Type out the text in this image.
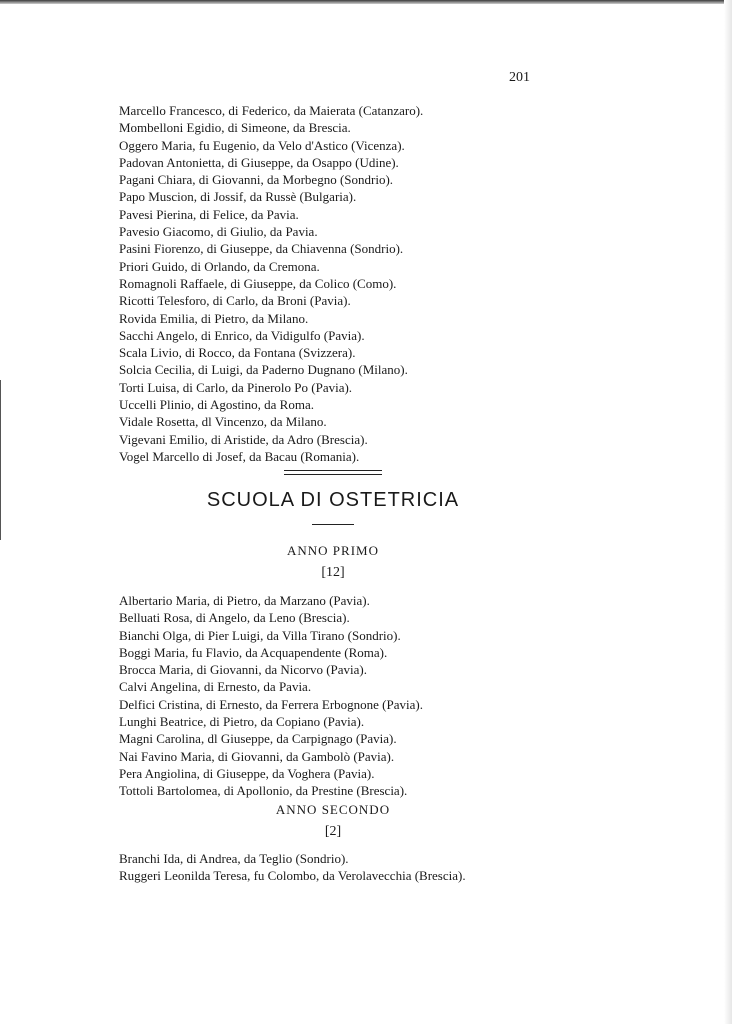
201
Marcello Francesco, di Federico, da Maierata (Catanzaro).
Mombelloni Egidio, di Simeone, da Brescia.
Oggero Maria, fu Eugenio, da Velo d'Astico (Vicenza).
Padovan Antonietta, di Giuseppe, da Osappo (Udine).
Pagani Chiara, di Giovanni, da Morbegno (Sondrio).
Papo Muscion, di Jossif, da Russè (Bulgaria).
Pavesi Pierina, di Felice, da Pavia.
Pavesio Giacomo, di Giulio, da Pavia.
Pasini Fiorenzo, di Giuseppe, da Chiavenna (Sondrio).
Priori Guido, di Orlando, da Cremona.
Romagnoli Raffaele, di Giuseppe, da Colico (Como).
Ricotti Telesforo, di Carlo, da Broni (Pavia).
Rovida Emilia, di Pietro, da Milano.
Sacchi Angelo, di Enrico, da Vidigulfo (Pavia).
Scala Livio, di Rocco, da Fontana (Svizzera).
Solcia Cecilia, di Luigi, da Paderno Dugnano (Milano).
Torti Luisa, di Carlo, da Pinerolo Po (Pavia).
Uccelli Plinio, di Agostino, da Roma.
Vidale Rosetta, dl Vincenzo, da Milano.
Vigevani Emilio, di Aristide, da Adro (Brescia).
Vogel Marcello di Josef, da Bacau (Romania).
SCUOLA DI OSTETRICIA
ANNO PRIMO
[12]
Albertario Maria, di Pietro, da Marzano (Pavia).
Belluati Rosa, di Angelo, da Leno (Brescia).
Bianchi Olga, di Pier Luigi, da Villa Tirano (Sondrio).
Boggi Maria, fu Flavio, da Acquapendente (Roma).
Brocca Maria, di Giovanni, da Nicorvo (Pavia).
Calvi Angelina, di Ernesto, da Pavia.
Delfici Cristina, di Ernesto, da Ferrera Erbognone (Pavia).
Lunghi Beatrice, di Pietro, da Copiano (Pavia).
Magni Carolina, dl Giuseppe, da Carpignago (Pavia).
Nai Favino Maria, di Giovanni, da Gambolò (Pavia).
Pera Angiolina, di Giuseppe, da Voghera (Pavia).
Tottoli Bartolomea, di Apollonio, da Prestine (Brescia).
ANNO SECONDO
[2]
Branchi Ida, di Andrea, da Teglio (Sondrio).
Ruggeri Leonilda Teresa, fu Colombo, da Verolavecchia (Brescia).
